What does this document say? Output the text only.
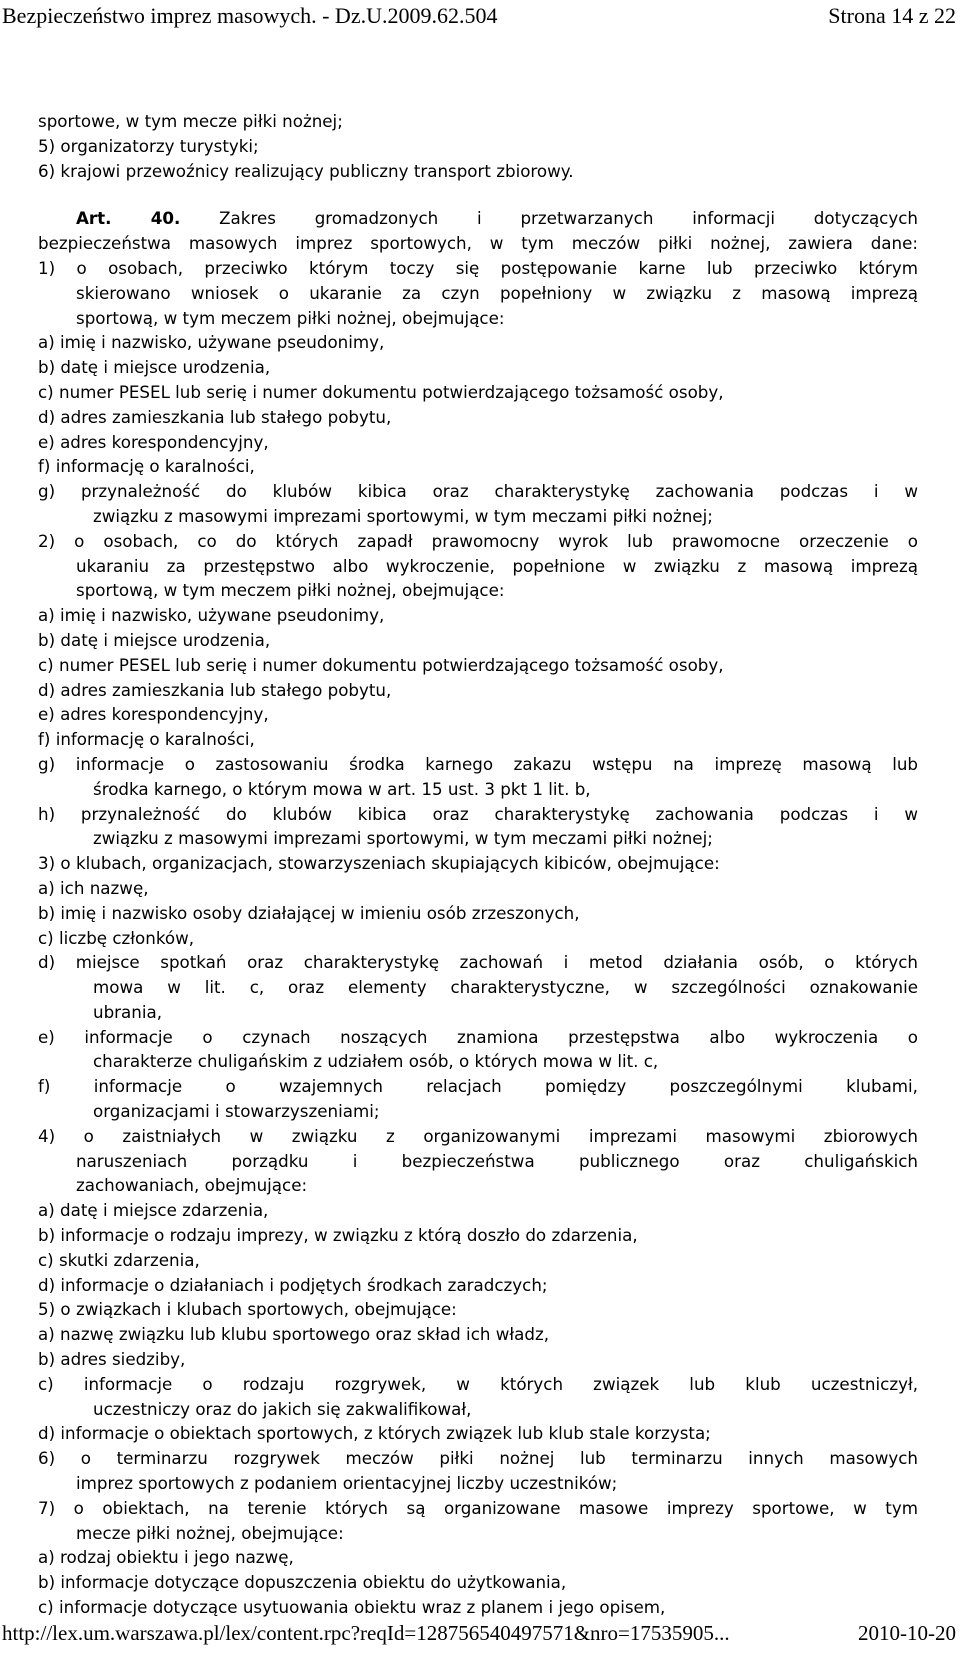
Bezpieczeństwo imprez masowych. - Dz.U.2009.62.504	Strona 14 z 22
sportowe, w tym mecze piłki nożnej;
5) organizatorzy turystyki;
6) krajowi przewoźnicy realizujący publiczny transport zbiorowy.
Art. 40. Zakres gromadzonych i przetwarzanych informacji dotyczących
bezpieczeństwa masowych imprez sportowych, w tym meczów piłki nożnej, zawiera dane:
1) o osobach, przeciwko którym toczy się postępowanie karne lub przeciwko którym
skierowano wniosek o ukaranie za czyn popełniony w związku z masową imprezą
sportową, w tym meczem piłki nożnej, obejmujące:
a) imię i nazwisko, używane pseudonimy,
b) datę i miejsce urodzenia,
c) numer PESEL lub serię i numer dokumentu potwierdzającego tożsamość osoby,
d) adres zamieszkania lub stałego pobytu,
e) adres korespondencyjny,
f) informację o karalności,
g) przynależność do klubów kibica oraz charakterystykę zachowania podczas i w
związku z masowymi imprezami sportowymi, w tym meczami piłki nożnej;
2) o osobach, co do których zapadł prawomocny wyrok lub prawomocne orzeczenie o
ukaraniu za przestępstwo albo wykroczenie, popełnione w związku z masową imprezą
sportową, w tym meczem piłki nożnej, obejmujące:
a) imię i nazwisko, używane pseudonimy,
b) datę i miejsce urodzenia,
c) numer PESEL lub serię i numer dokumentu potwierdzającego tożsamość osoby,
d) adres zamieszkania lub stałego pobytu,
e) adres korespondencyjny,
f) informację o karalności,
g) informacje o zastosowaniu środka karnego zakazu wstępu na imprezę masową lub
środka karnego, o którym mowa w art. 15 ust. 3 pkt 1 lit. b,
h) przynależność do klubów kibica oraz charakterystykę zachowania podczas i w
związku z masowymi imprezami sportowymi, w tym meczami piłki nożnej;
3) o klubach, organizacjach, stowarzyszeniach skupiających kibiców, obejmujące:
a) ich nazwę,
b) imię i nazwisko osoby działającej w imieniu osób zrzeszonych,
c) liczbę członków,
d) miejsce spotkań oraz charakterystykę zachowań i metod działania osób, o których
mowa w lit. c, oraz elementy charakterystyczne, w szczególności oznakowanie
ubrania,
e) informacje o czynach noszących znamiona przestępstwa albo wykroczenia o
charakterze chuligańskim z udziałem osób, o których mowa w lit. c,
f) informacje o wzajemnych relacjach pomiędzy poszczególnymi klubami,
organizacjami i stowarzyszeniami;
4) o zaistniałych w związku z organizowanymi imprezami masowymi zbiorowych
naruszeniach porządku i bezpieczeństwa publicznego oraz chuligańskich
zachowaniach, obejmujące:
a) datę i miejsce zdarzenia,
b) informacje o rodzaju imprezy, w związku z którą doszło do zdarzenia,
c) skutki zdarzenia,
d) informacje o działaniach i podjętych środkach zaradczych;
5) o związkach i klubach sportowych, obejmujące:
a) nazwę związku lub klubu sportowego oraz skład ich władz,
b) adres siedziby,
c) informacje o rodzaju rozgrywek, w których związek lub klub uczestniczył,
uczestniczy oraz do jakich się zakwalifikował,
d) informacje o obiektach sportowych, z których związek lub klub stale korzysta;
6) o terminarzu rozgrywek meczów piłki nożnej lub terminarzu innych masowych
imprez sportowych z podaniem orientacyjnej liczby uczestników;
7) o obiektach, na terenie których są organizowane masowe imprezy sportowe, w tym
mecze piłki nożnej, obejmujące:
a) rodzaj obiektu i jego nazwę,
b) informacje dotyczące dopuszczenia obiektu do użytkowania,
c) informacje dotyczące usytuowania obiektu wraz z planem i jego opisem,
http://lex.um.warszawa.pl/lex/content.rpc?reqId=128756540497571&nro=17535905...	2010-10-20
